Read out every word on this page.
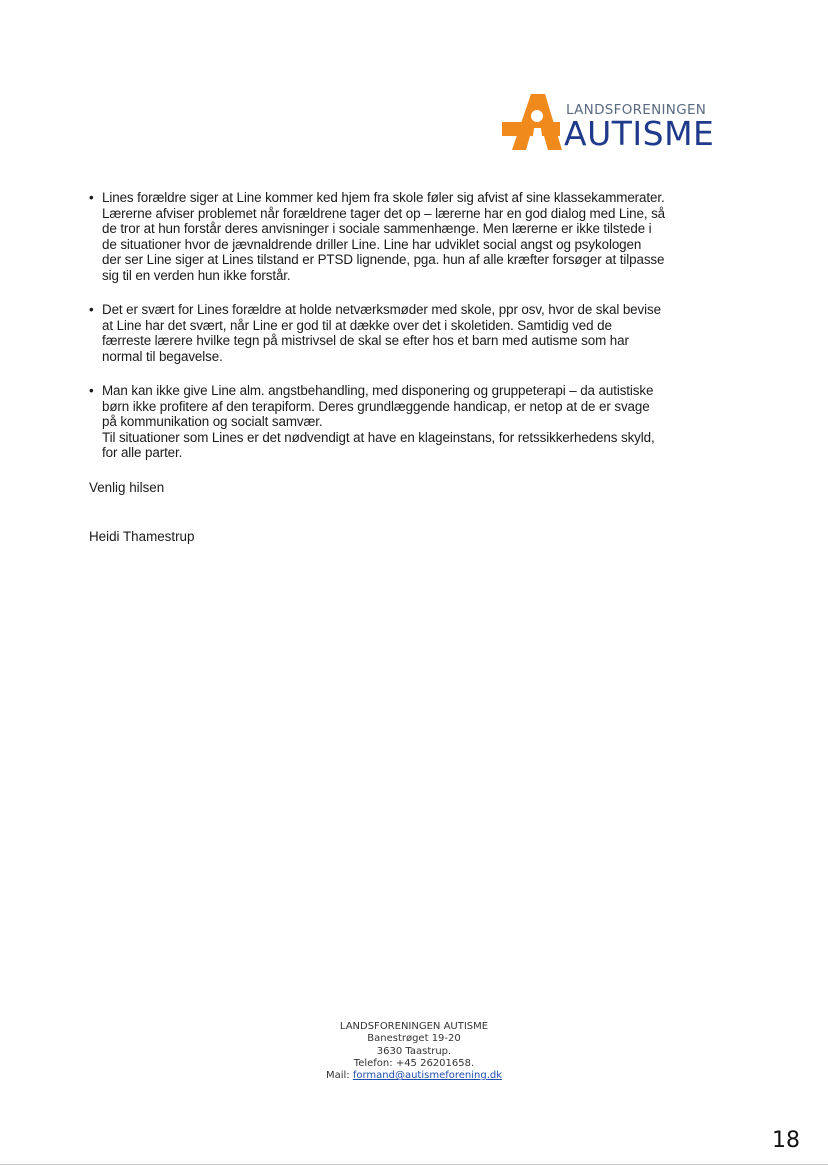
LANDSFORENINGEN
AUTISME
• Lines forældre siger at Line kommer ked hjem fra skole føler sig afvist af sine klassekammerater.
Lærerne afviser problemet når forældrene tager det op – lærerne har en god dialog med Line, så
de tror at hun forstår deres anvisninger i sociale sammenhænge. Men lærerne er ikke tilstede i
de situationer hvor de jævnaldrende driller Line. Line har udviklet social angst og psykologen
der ser Line siger at Lines tilstand er PTSD lignende, pga. hun af alle kræfter forsøger at tilpasse
sig til en verden hun ikke forstår.
• Det er svært for Lines forældre at holde netværksmøder med skole, ppr osv, hvor de skal bevise
at Line har det svært, når Line er god til at dække over det i skoletiden. Samtidig ved de
færreste lærere hvilke tegn på mistrivsel de skal se efter hos et barn med autisme som har
normal til begavelse.
• Man kan ikke give Line alm. angstbehandling, med disponering og gruppeterapi – da autistiske
børn ikke profitere af den terapiform. Deres grundlæggende handicap, er netop at de er svage
på kommunikation og socialt samvær.
Til situationer som Lines er det nødvendigt at have en klageinstans, for retssikkerhedens skyld,
for alle parter.
Venlig hilsen
Heidi Thamestrup
LANDSFORENINGEN AUTISME
Banestrøget 19-20
3630 Taastrup.
Telefon: +45 26201658.
Mail: formand@autismeforening.dk
18
